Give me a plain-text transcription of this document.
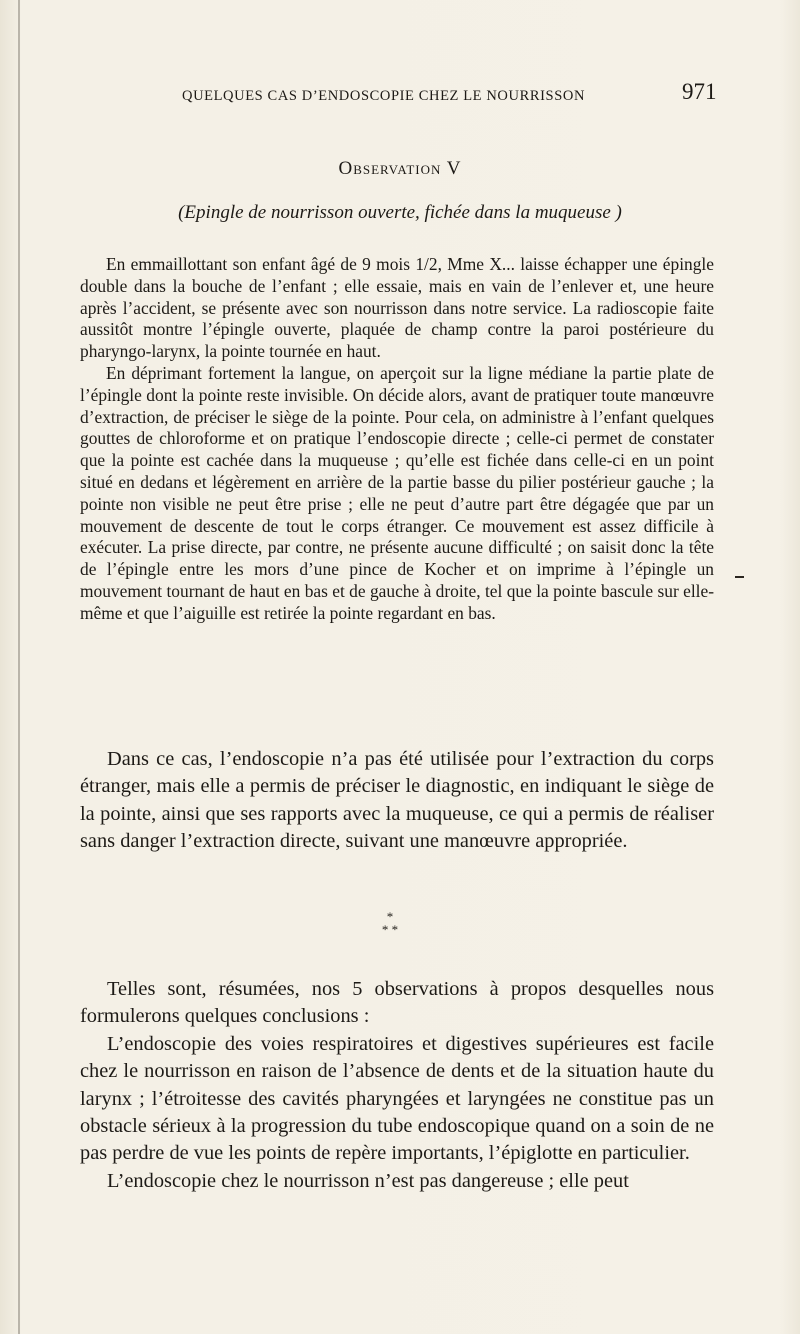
QUELQUES CAS D’ENDOSCOPIE CHEZ LE NOURRISSON	971
Observation V
(Epingle de nourrisson ouverte, fichée dans la muqueuse )

En emmaillottant son enfant âgé de 9 mois 1/2, Mme X... laisse échapper une épingle double dans la bouche de l’enfant ; elle essaie, mais en vain de l’enlever et, une heure après l’accident, se présente avec son nourrisson dans notre service. La radioscopie faite aussitôt montre l’épingle ouverte, plaquée de champ contre la paroi postérieure du pharyngo-larynx, la pointe tournée en haut.

En déprimant fortement la langue, on aperçoit sur la ligne médiane la partie plate de l’épingle dont la pointe reste invisible. On décide alors, avant de pratiquer toute manœuvre d’extraction, de préciser le siège de la pointe. Pour cela, on administre à l’enfant quelques gouttes de chloroforme et on pratique l’endoscopie directe ; celle-ci permet de constater que la pointe est cachée dans la muqueuse ; qu’elle est fichée dans celle-ci en un point situé en dedans et légèrement en arrière de la partie basse du pilier postérieur gauche ; la pointe non visible ne peut être prise ; elle ne peut d’autre part être dégagée que par un mouvement de descente de tout le corps étranger. Ce mouvement est assez difficile à exécuter. La prise directe, par contre, ne présente aucune difficulté ; on saisit donc la tête de l’épingle entre les mors d’une pince de Kocher et on imprime à l’épingle un mouvement tournant de haut en bas et de gauche à droite, tel que la pointe bascule sur elle-même et que l’aiguille est retirée la pointe regardant en bas.

Dans ce cas, l’endoscopie n’a pas été utilisée pour l’extraction du corps étranger, mais elle a permis de préciser le diagnostic, en indiquant le siège de la pointe, ainsi que ses rapports avec la muqueuse, ce qui a permis de réaliser sans danger l’extraction directe, suivant une manœuvre appropriée.

*
* *

Telles sont, résumées, nos 5 observations à propos desquelles nous formulerons quelques conclusions :

L’endoscopie des voies respiratoires et digestives supérieures est facile chez le nourrisson en raison de l’absence de dents et de la situation haute du larynx ; l’étroitesse des cavités pharyngées et laryngées ne constitue pas un obstacle sérieux à la progression du tube endoscopique quand on a soin de ne pas perdre de vue les points de repère importants, l’épiglotte en particulier.

L’endoscopie chez le nourrisson n’est pas dangereuse ; elle peut
